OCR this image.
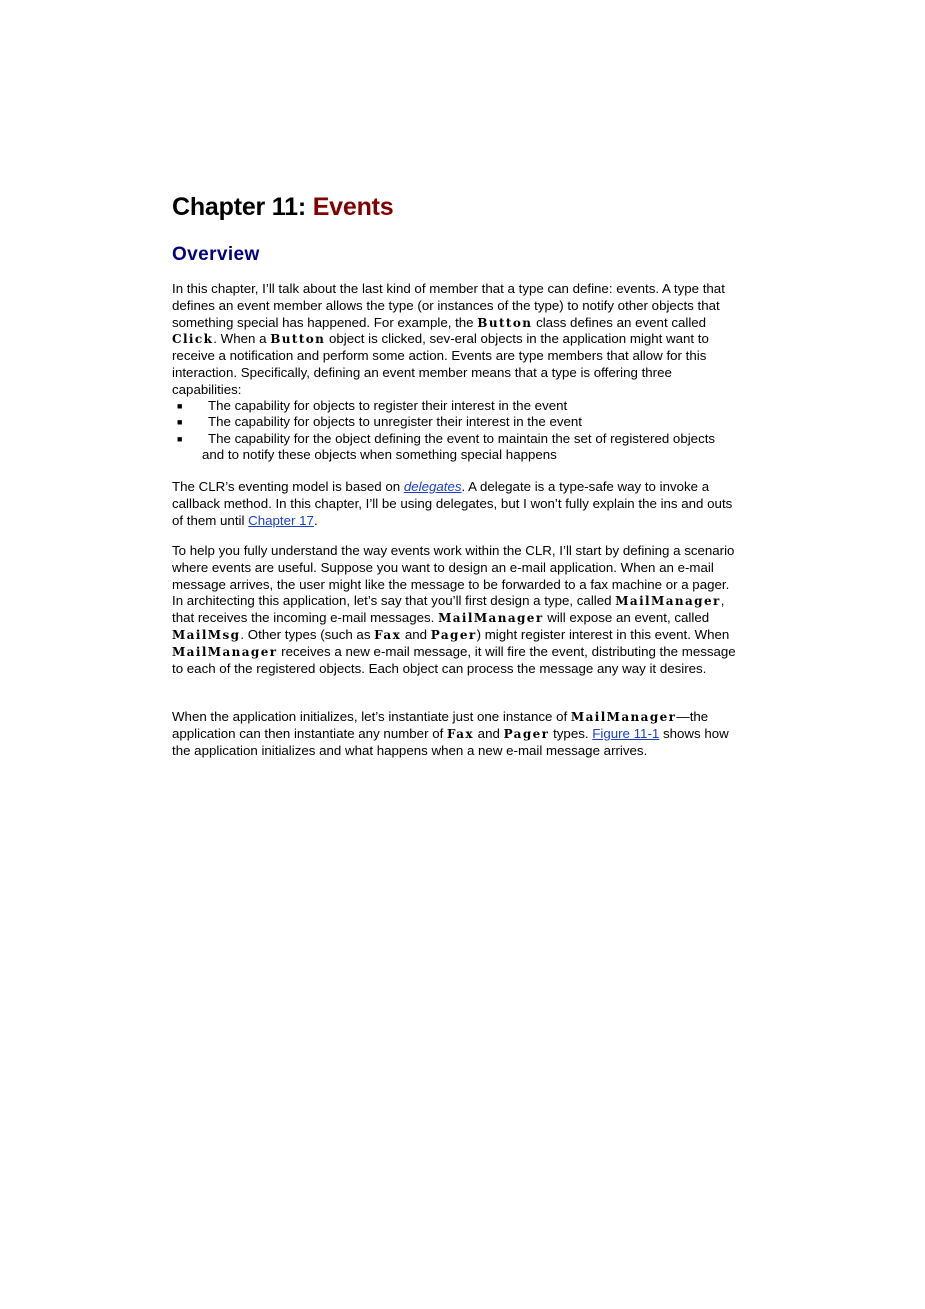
Chapter 11: Events
Overview

In this chapter, I’ll talk about the last kind of member that a type can define: events. A type that defines an event member allows the type (or instances of the type) to notify other objects that something special has happened. For example, the Button class defines an event called Click. When a Button object is clicked, sev-eral objects in the application might want to receive a notification and perform some action. Events are type members that allow for this interaction. Specifically, defining an event member means that a type is offering three capabilities:

■ The capability for objects to register their interest in the event
■ The capability for objects to unregister their interest in the event
■ The capability for the object defining the event to maintain the set of registered objects
and to notify these objects when something special happens

The CLR’s eventing model is based on delegates. A delegate is a type-safe way to invoke a callback method. In this chapter, I’ll be using delegates, but I won’t fully explain the ins and outs of them until Chapter 17.

To help you fully understand the way events work within the CLR, I’ll start by defining a scenario where events are useful. Suppose you want to design an e-mail application. When an e-mail message arrives, the user might like the message to be forwarded to a fax machine or a pager. In architecting this application, let’s say that you’ll first design a type, called MailManager, that receives the incoming e-mail messages. MailManager will expose an event, called MailMsg. Other types (such as Fax and Pager) might register interest in this event. When MailManager receives a new e-mail message, it will fire the event, distributing the message to each of the registered objects. Each object can process the message any way it desires.

When the application initializes, let’s instantiate just one instance of MailManager—the application can then instantiate any number of Fax and Pager types. Figure 11-1 shows how the application initializes and what happens when a new e-mail message arrives.
